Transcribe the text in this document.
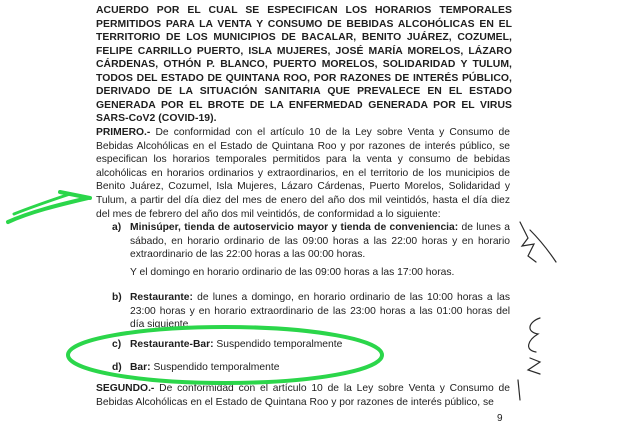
ACUERDO POR EL CUAL SE ESPECIFICAN LOS HORARIOS TEMPORALES PERMITIDOS PARA LA VENTA Y CONSUMO DE BEBIDAS ALCOHÓLICAS EN EL TERRITORIO DE LOS MUNICIPIOS DE BACALAR, BENITO JUÁREZ, COZUMEL, FELIPE CARRILLO PUERTO, ISLA MUJERES, JOSÉ MARÍA MORELOS, LÁZARO CÁRDENAS, OTHÓN P. BLANCO, PUERTO MORELOS, SOLIDARIDAD Y TULUM, TODOS DEL ESTADO DE QUINTANA ROO, POR RAZONES DE INTERÉS PÚBLICO, DERIVADO DE LA SITUACIÓN SANITARIA QUE PREVALECE EN EL ESTADO GENERADA POR EL BROTE DE LA ENFERMEDAD GENERADA POR EL VIRUS SARS-CoV2 (COVID-19).
PRIMERO.- De conformidad con el artículo 10 de la Ley sobre Venta y Consumo de Bebidas Alcohólicas en el Estado de Quintana Roo y por razones de interés público, se especifican los horarios temporales permitidos para la venta y consumo de bebidas alcohólicas en horarios ordinarios y extraordinarios, en el territorio de los municipios de Benito Juárez, Cozumel, Isla Mujeres, Lázaro Cárdenas, Puerto Morelos, Solidaridad y Tulum, a partir del día diez del mes de enero del año dos mil veintidós, hasta el día diez del mes de febrero del año dos mil veintidós, de conformidad a lo siguiente:
a) Minisúper, tienda de autoservicio mayor y tienda de conveniencia: de lunes a sábado, en horario ordinario de las 09:00 horas a las 22:00 horas y en horario extraordinario de las 22:00 horas a las 00:00 horas.
Y el domingo en horario ordinario de las 09:00 horas a las 17:00 horas.
b) Restaurante: de lunes a domingo, en horario ordinario de las 10:00 horas a las 23:00 horas y en horario extraordinario de las 23:00 horas a las 01:00 horas del día siguiente.
c) Restaurante-Bar: Suspendido temporalmente
d) Bar: Suspendido temporalmente
SEGUNDO.- De conformidad con el artículo 10 de la Ley sobre Venta y Consumo de Bebidas Alcohólicas en el Estado de Quintana Roo y por razones de interés público, se
9
